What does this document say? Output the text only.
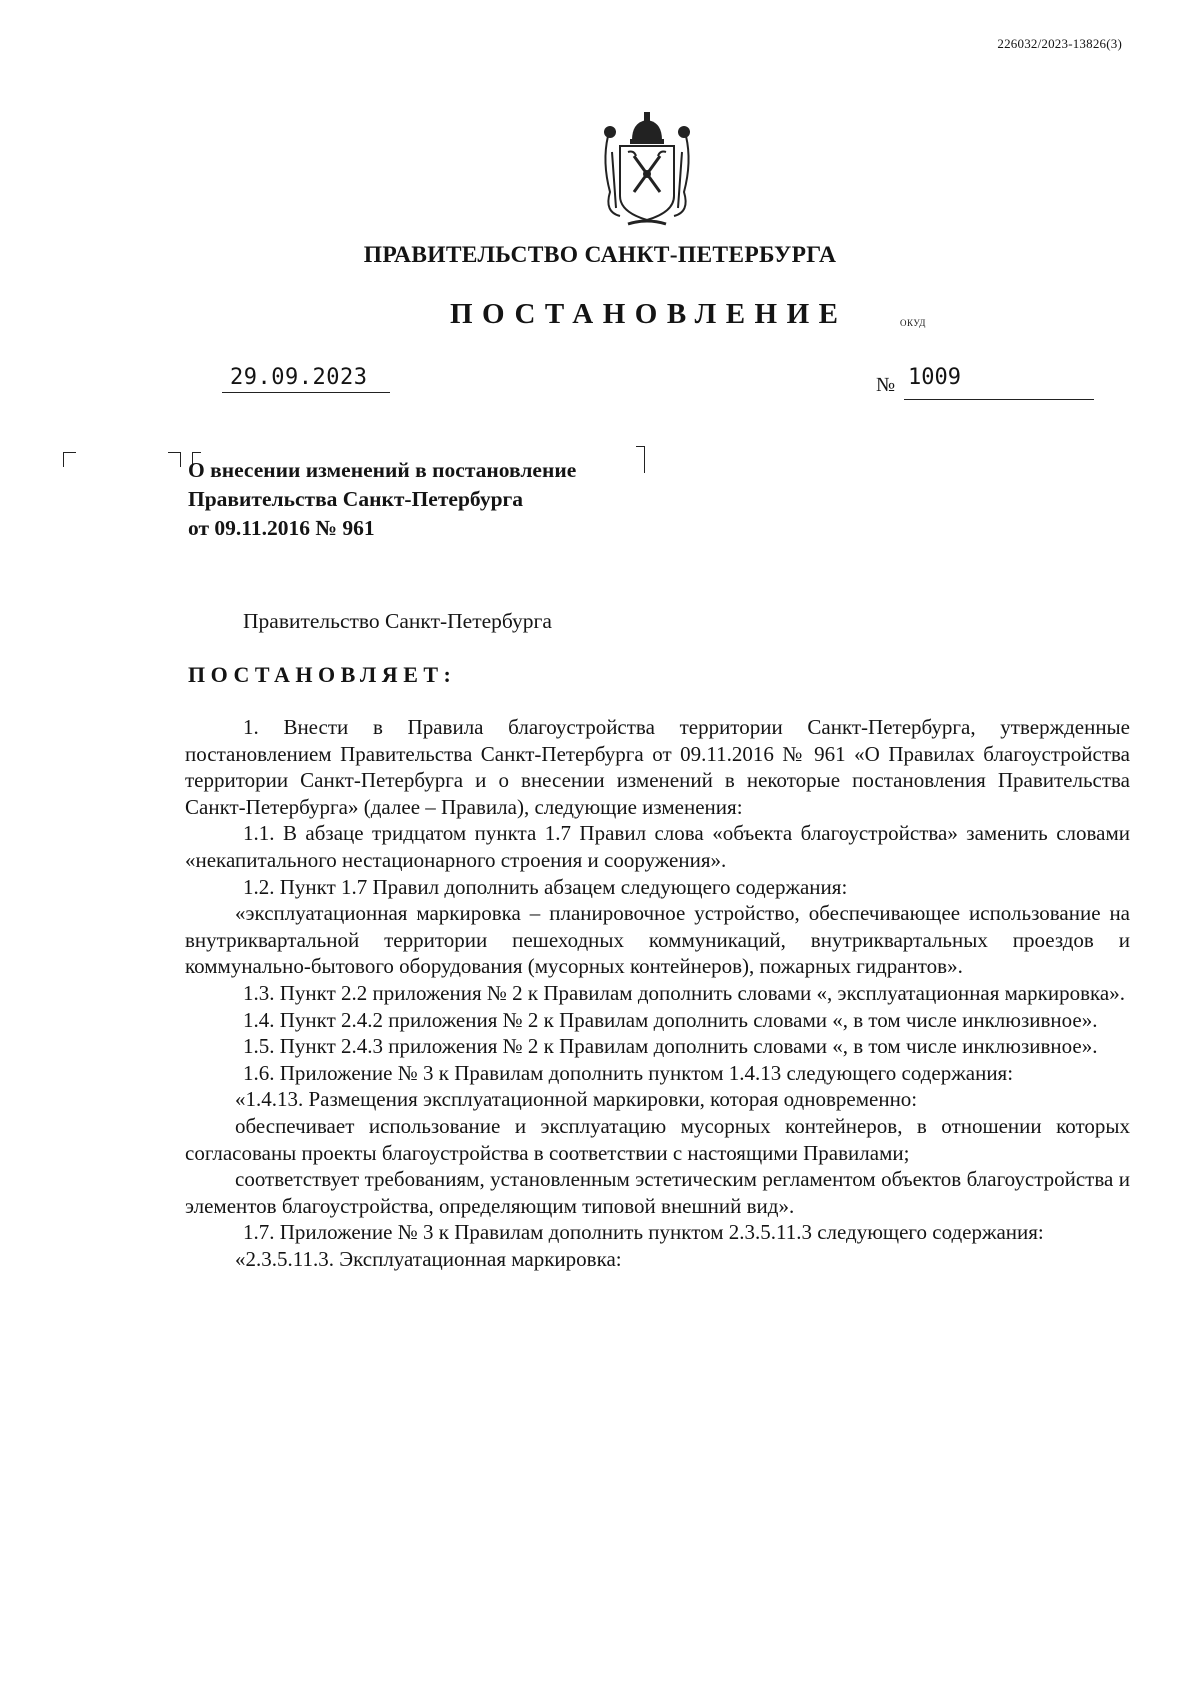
226032/2023-13826(3)
ПРАВИТЕЛЬСТВО САНКТ-ПЕТЕРБУРГА
ПОСТАНОВЛЕНИЕ	ОКУД
29.09.2023	№ 1009
О внесении изменений в постановление
Правительства Санкт-Петербурга
от 09.11.2016 № 961
Правительство Санкт-Петербурга
ПОСТАНОВЛЯЕТ:
1. Внести в Правила благоустройства территории Санкт-Петербурга, утвержденные постановлением Правительства Санкт-Петербурга от 09.11.2016 № 961 «О Правилах благоустройства территории Санкт-Петербурга и о внесении изменений в некоторые постановления Правительства Санкт-Петербурга» (далее – Правила), следующие изменения:
1.1. В абзаце тридцатом пункта 1.7 Правил слова «объекта благоустройства» заменить словами «некапитального нестационарного строения и сооружения».
1.2. Пункт 1.7 Правил дополнить абзацем следующего содержания:
«эксплуатационная маркировка – планировочное устройство, обеспечивающее использование на внутриквартальной территории пешеходных коммуникаций, внутриквартальных проездов и коммунально-бытового оборудования (мусорных контейнеров), пожарных гидрантов».
1.3. Пункт 2.2 приложения № 2 к Правилам дополнить словами «, эксплуатационная маркировка».
1.4. Пункт 2.4.2 приложения № 2 к Правилам дополнить словами «, в том числе инклюзивное».
1.5. Пункт 2.4.3 приложения № 2 к Правилам дополнить словами «, в том числе инклюзивное».
1.6. Приложение № 3 к Правилам дополнить пунктом 1.4.13 следующего содержания:
«1.4.13. Размещения эксплуатационной маркировки, которая одновременно:
обеспечивает использование и эксплуатацию мусорных контейнеров, в отношении которых согласованы проекты благоустройства в соответствии с настоящими Правилами;
соответствует требованиям, установленным эстетическим регламентом объектов благоустройства и элементов благоустройства, определяющим типовой внешний вид».
1.7. Приложение № 3 к Правилам дополнить пунктом 2.3.5.11.3 следующего содержания:
«2.3.5.11.3. Эксплуатационная маркировка:
